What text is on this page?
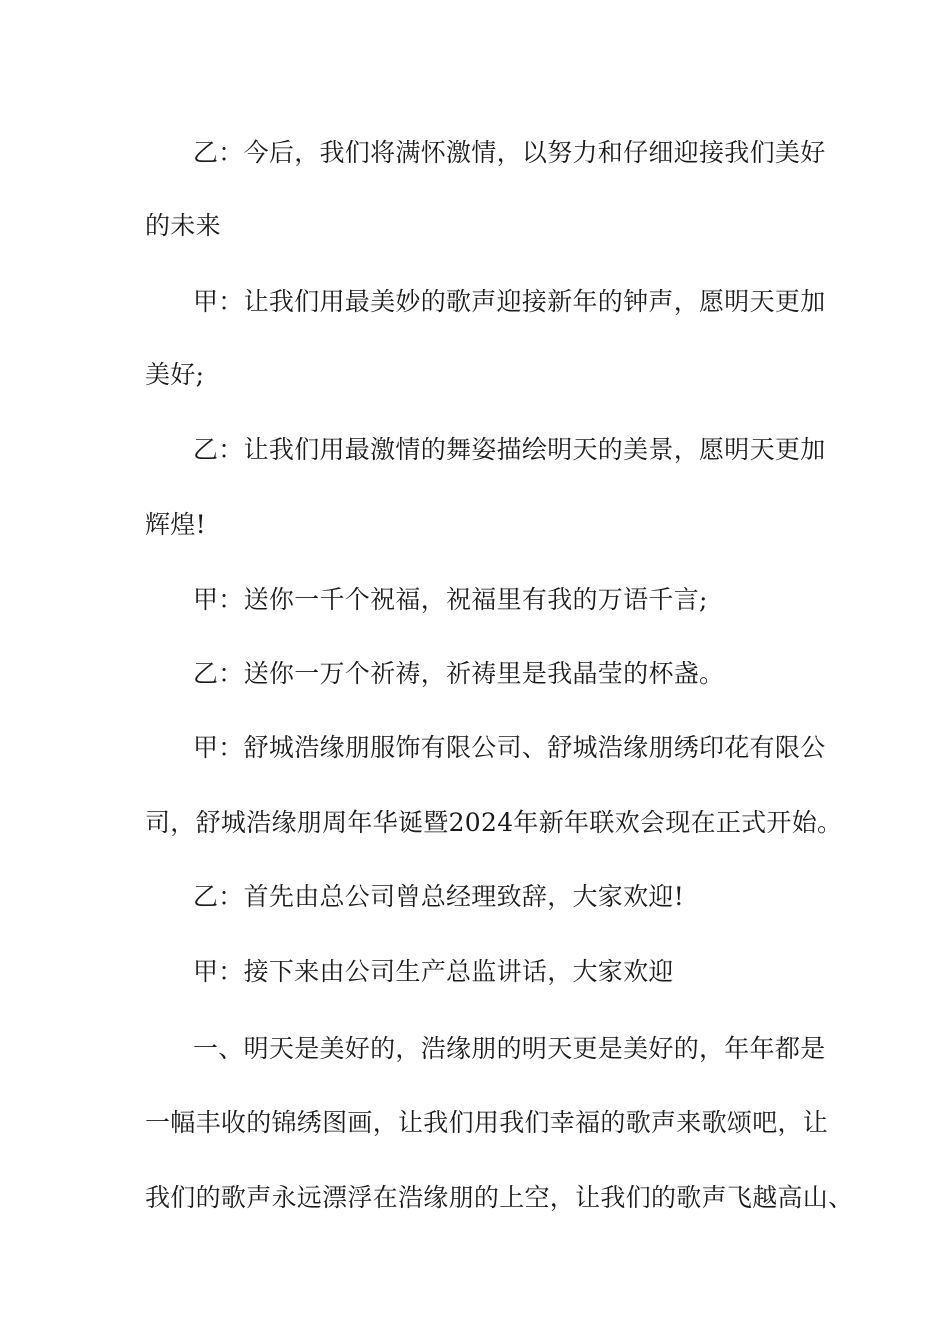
乙：今后，我们将满怀激情，以努力和仔细迎接我们美好
的未来
甲：让我们用最美妙的歌声迎接新年的钟声，愿明天更加
美好;
乙：让我们用最激情的舞姿描绘明天的美景，愿明天更加
辉煌!
甲：送你一千个祝福，祝福里有我的万语千言;
乙：送你一万个祈祷，祈祷里是我晶莹的杯盏。
甲：舒城浩缘朋服饰有限公司、舒城浩缘朋绣印花有限公
司，舒城浩缘朋周年华诞暨2024年新年联欢会现在正式开始。
乙：首先由总公司曾总经理致辞，大家欢迎!
甲：接下来由公司生产总监讲话，大家欢迎
一、明天是美好的，浩缘朋的明天更是美好的，年年都是
一幅丰收的锦绣图画，让我们用我们幸福的歌声来歌颂吧，让
我们的歌声永远漂浮在浩缘朋的上空，让我们的歌声飞越高山、
